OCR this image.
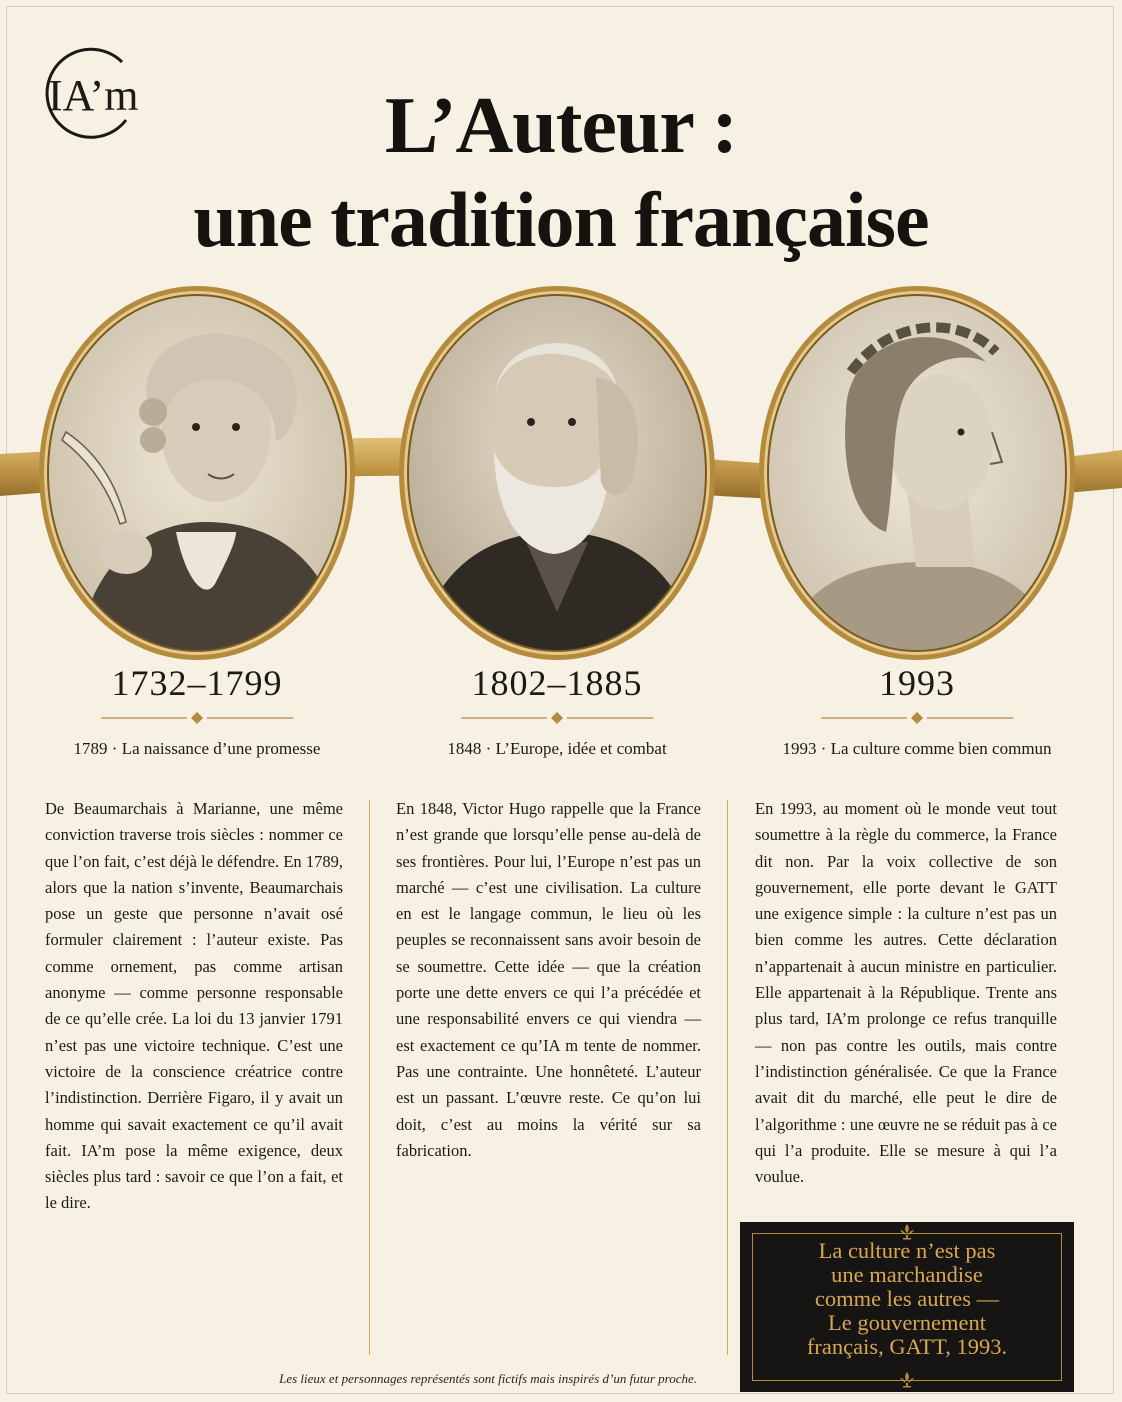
IA’m	L’Auteur :
une tradition française
1732–1799	1802–1885	1993
1789 · La naissance d’une promesse	1848 · L’Europe, idée et combat	1993 · La culture comme bien commun

De Beaumarchais à Marianne, une même conviction traverse trois siècles : nommer ce que l’on fait, c’est déjà le défendre. En 1789, alors que la nation s’invente, Beaumarchais pose un geste que personne n’avait osé formuler clairement : l’auteur existe. Pas comme ornement, pas comme artisan anonyme — comme personne responsable de ce qu’elle crée. La loi du 13 janvier 1791 n’est pas une victoire technique. C’est une victoire de la conscience créatrice contre l’indistinction. Derrière Figaro, il y avait un homme qui savait exactement ce qu’il avait fait. IA’m pose la même exigence, deux siècles plus tard : savoir ce que l’on a fait, et le dire.

En 1848, Victor Hugo rappelle que la France n’est grande que lorsqu’elle pense au-delà de ses frontières. Pour lui, l’Europe n’est pas un marché — c’est une civilisation. La culture en est le langage commun, le lieu où les peuples se reconnaissent sans avoir besoin de se soumettre. Cette idée — que la création porte une dette envers ce qui l’a précédée et une responsabilité envers ce qui viendra — est exactement ce qu’IA m tente de nommer. Pas une contrainte. Une honnêteté. L’auteur est un passant. L’œuvre reste. Ce qu’on lui doit, c’est au moins la vérité sur sa fabrication.

En 1993, au moment où le monde veut tout soumettre à la règle du commerce, la France dit non. Par la voix collective de son gouvernement, elle porte devant le GATT une exigence simple : la culture n’est pas un bien comme les autres. Cette déclaration n’appartenait à aucun ministre en particulier. Elle appartenait à la République. Trente ans plus tard, IA’m prolonge ce refus tranquille — non pas contre les outils, mais contre l’indistinction généralisée. Ce que la France avait dit du marché, elle peut le dire de l’algorithme : une œuvre ne se réduit pas à ce qui l’a produite. Elle se mesure à qui l’a voulue.

La culture n’est pas
une marchandise
comme les autres —
Le gouvernement
français, GATT, 1993.
Les lieux et personnages représentés sont fictifs mais inspirés d’un futur proche.
